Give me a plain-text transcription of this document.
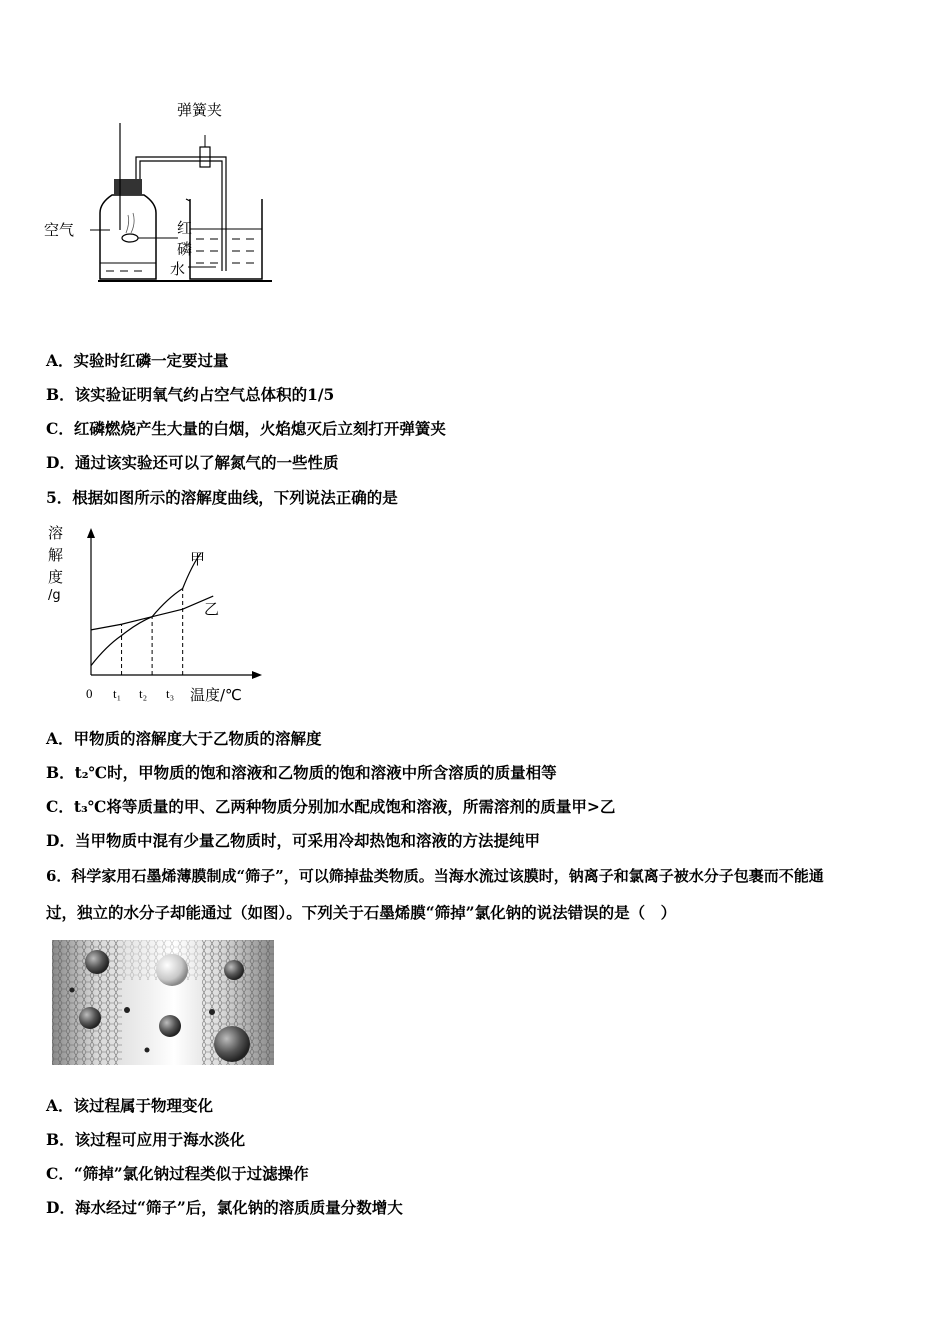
弹簧夹
空气	红
磷
水
A．实验时红磷一定要过量
B．该实验证明氧气约占空气总体积的1/5
C．红磷燃烧产生大量的白烟，火焰熄灭后立刻打开弹簧夹
D．通过该实验还可以了解氮气的一些性质
5．根据如图所示的溶解度曲线，下列说法正确的是
溶
解
度
/g
0 t₁ t₂ t₃ 温度/℃
甲
乙
A．甲物质的溶解度大于乙物质的溶解度
B．t₂℃时，甲物质的饱和溶液和乙物质的饱和溶液中所含溶质的质量相等
C．t₃℃将等质量的甲、乙两种物质分别加水配成饱和溶液，所需溶剂的质量甲>乙
D．当甲物质中混有少量乙物质时，可采用冷却热饱和溶液的方法提纯甲
6．科学家用石墨烯薄膜制成“筛子”，可以筛掉盐类物质。当海水流过该膜时，钠离子和氯离子被水分子包裹而不能通
过，独立的水分子却能通过（如图）。下列关于石墨烯膜“筛掉”氯化钠的说法错误的是（　）
A．该过程属于物理变化
B．该过程可应用于海水淡化
C．“筛掉”氯化钠过程类似于过滤操作
D．海水经过“筛子”后，氯化钠的溶质质量分数增大
